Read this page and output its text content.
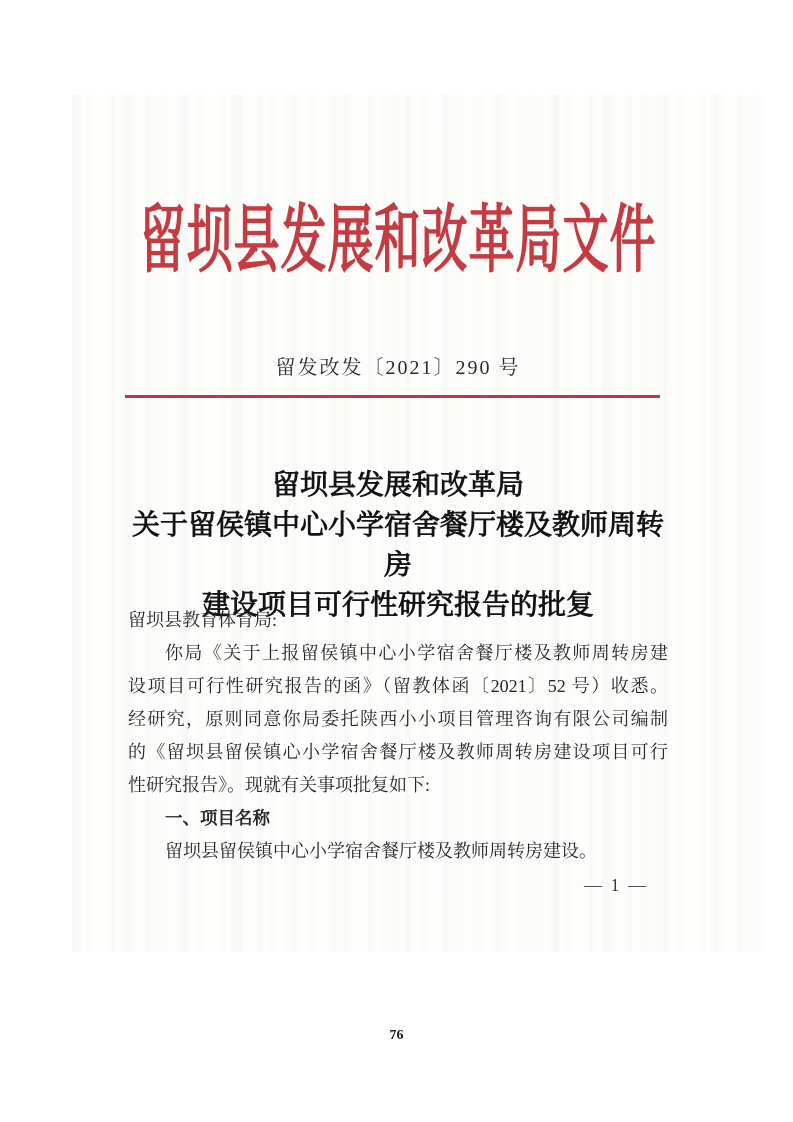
留坝县发展和改革局文件
留发改发〔2021〕290 号
留坝县发展和改革局
关于留侯镇中心小学宿舍餐厅楼及教师周转房
建设项目可行性研究报告的批复
留坝县教育体育局:
你局《关于上报留侯镇中心小学宿舍餐厅楼及教师周转房建
设项目可行性研究报告的函》（留教体函〔2021〕52 号）收悉。
经研究，原则同意你局委托陕西小小项目管理咨询有限公司编制
的《留坝县留侯镇心小学宿舍餐厅楼及教师周转房建设项目可行
性研究报告》。现就有关事项批复如下:
一、项目名称
留坝县留侯镇中心小学宿舍餐厅楼及教师周转房建设。
— 1 —
76
